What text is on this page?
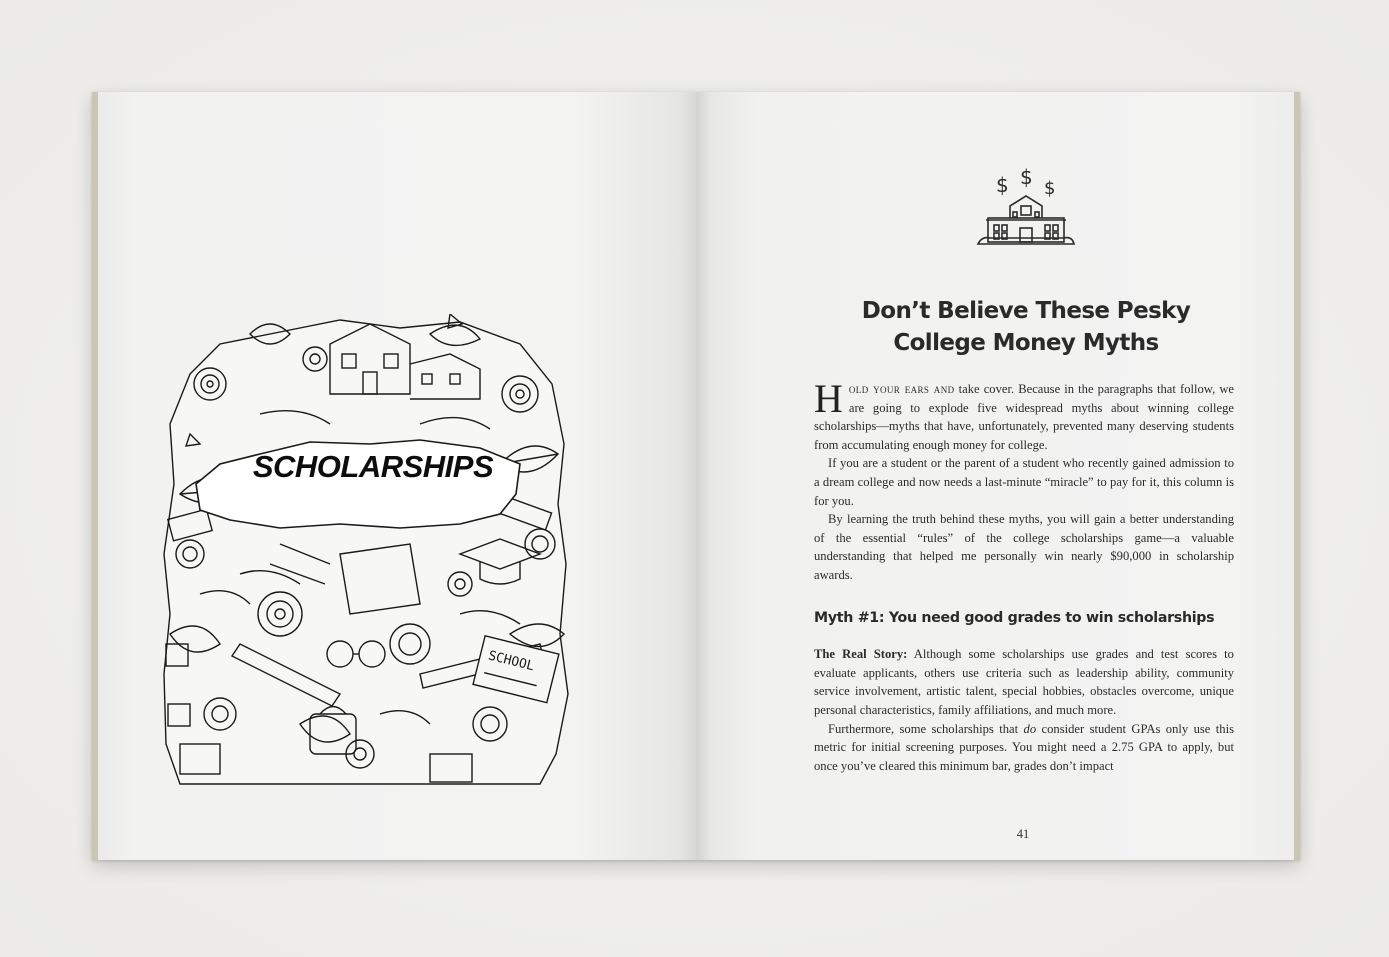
SCHOOL
SCHOLARSHIPS
$ $ $
Don’t Believe These Pesky
College Money Myths

Hold your ears and take cover. Because in the paragraphs that follow, we are going to explode five widespread myths about winning college scholarships—myths that have, unfortunately, prevented many deserving students from accumulating enough money for college.

If you are a student or the parent of a student who recently gained admission to a dream college and now needs a last-minute “miracle” to pay for it, this column is for you.

By learning the truth behind these myths, you will gain a better understanding of the essential “rules” of the college scholarships game—a valuable understanding that helped me personally win nearly $90,000 in scholarship awards.

Myth #1: You need good grades to win scholarships

The Real Story: Although some scholarships use grades and test scores to evaluate applicants, others use criteria such as leadership ability, community service involvement, artistic talent, special hobbies, obstacles overcome, unique personal characteristics, family affiliations, and much more.

Furthermore, some scholarships that do consider student GPAs only use this metric for initial screening purposes. You might need a 2.75 GPA to apply, but once you’ve cleared this minimum bar, grades don’t impact

41
